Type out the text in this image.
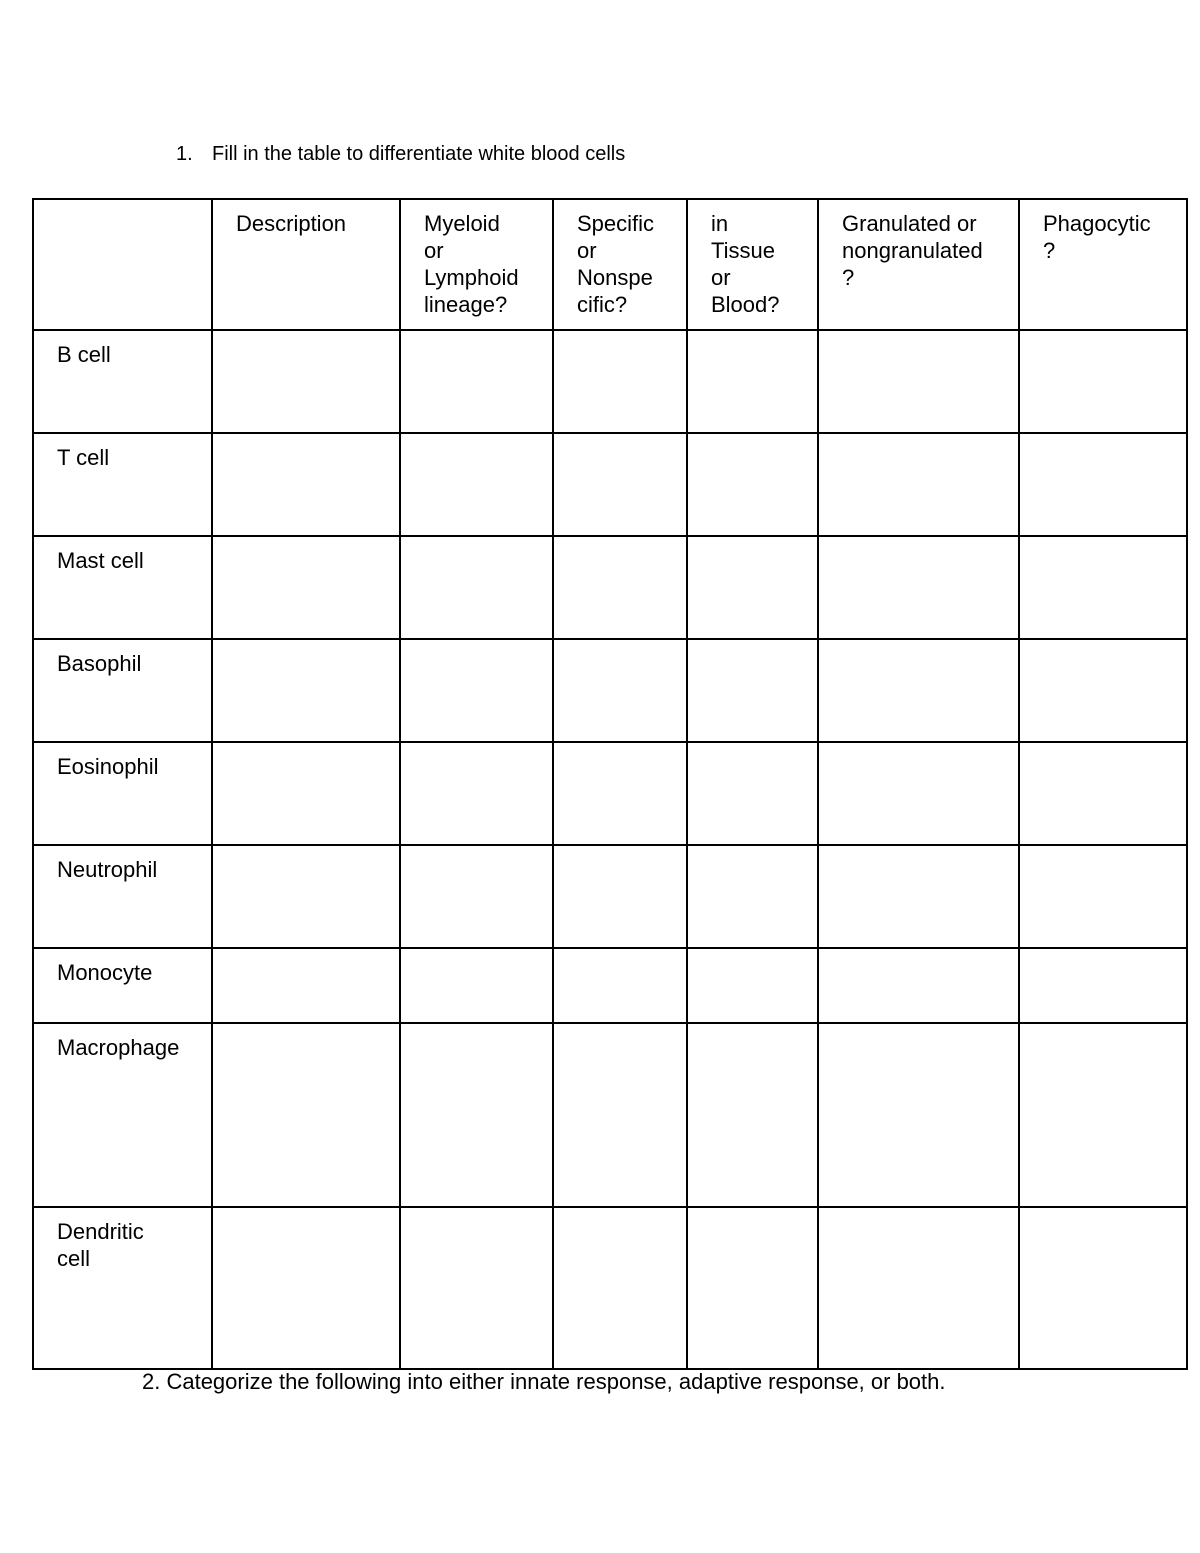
1. Fill in the table to differentiate white blood cells
	Description	Myeloid
or
Lymphoid
lineage?	Specific
or
Nonspe
cific?	in
Tissue
or
Blood?	Granulated or
nongranulated
?	Phagocytic
?
B cell						
T cell						
Mast cell						
Basophil						
Eosinophil						
Neutrophil						
Monocyte						
Macrophage						
Dendritic
cell						
2. Categorize the following into either innate response, adaptive response, or both.
